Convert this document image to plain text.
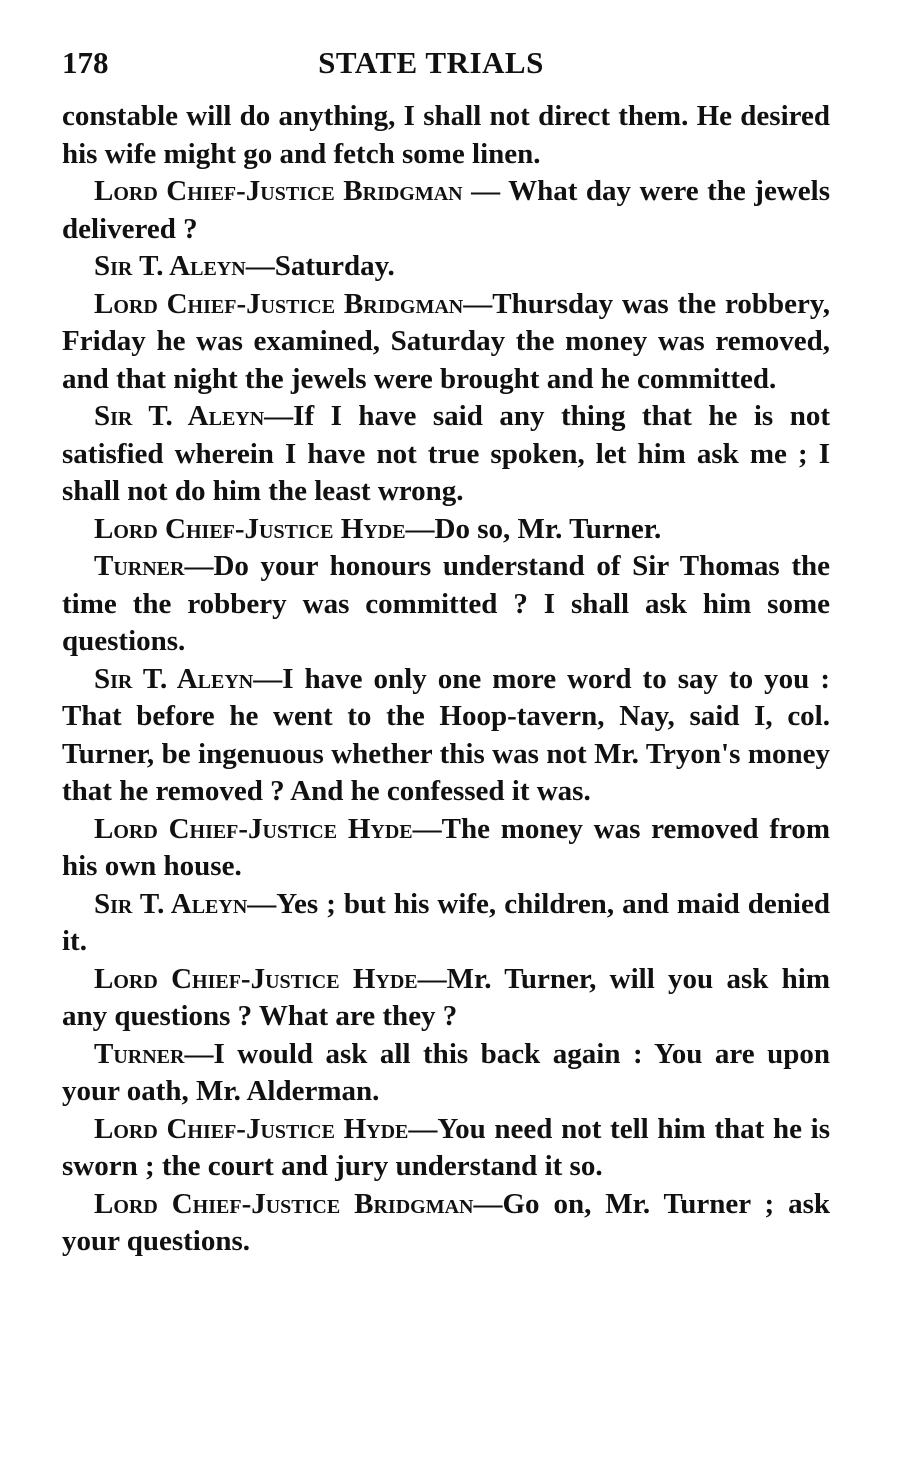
178	STATE TRIALS

constable will do anything, I shall not direct them. He desired his wife might go and fetch some linen.

Lord Chief-Justice Bridgman — What day were the jewels delivered ?

Sir T. Aleyn—Saturday.

Lord Chief-Justice Bridgman—Thursday was the robbery, Friday he was examined, Saturday the money was removed, and that night the jewels were brought and he committed.

Sir T. Aleyn—If I have said any thing that he is not satisfied wherein I have not true spoken, let him ask me ; I shall not do him the least wrong.

Lord Chief-Justice Hyde—Do so, Mr. Turner.

Turner—Do your honours understand of Sir Thomas the time the robbery was committed ? I shall ask him some questions.

Sir T. Aleyn—I have only one more word to say to you : That before he went to the Hoop-tavern, Nay, said I, col. Turner, be ingenuous whether this was not Mr. Tryon's money that he removed ? And he confessed it was.

Lord Chief-Justice Hyde—The money was removed from his own house.

Sir T. Aleyn—Yes ; but his wife, children, and maid denied it.

Lord Chief-Justice Hyde—Mr. Turner, will you ask him any questions ? What are they ?

Turner—I would ask all this back again : You are upon your oath, Mr. Alderman.

Lord Chief-Justice Hyde—You need not tell him that he is sworn ; the court and jury understand it so.

Lord Chief-Justice Bridgman—Go on, Mr. Turner ; ask your questions.
